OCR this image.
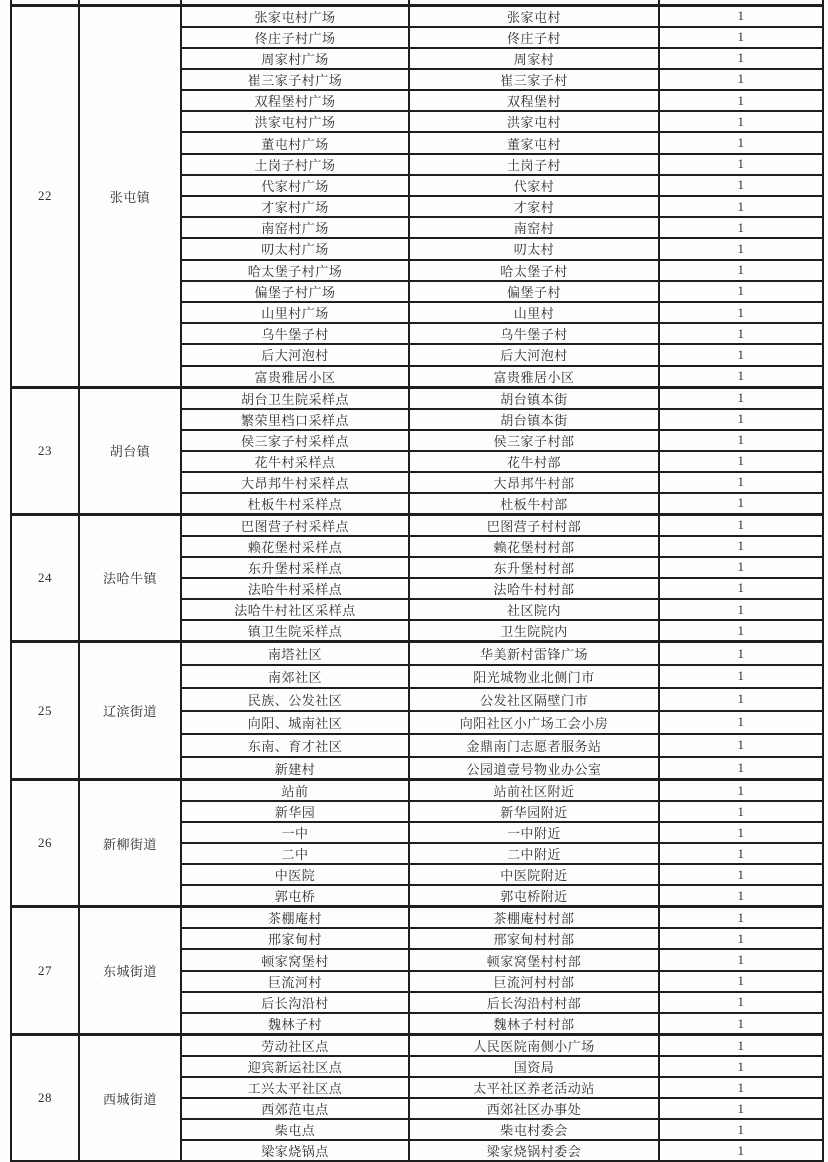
22	张屯镇	张家屯村广场	张家屯村	1
		佟庄子村广场	佟庄子村	1
		周家村广场	周家村	1
		崔三家子村广场	崔三家子村	1
		双程堡村广场	双程堡村	1
		洪家屯村广场	洪家屯村	1
		董屯村广场	董家屯村	1
		土岗子村广场	土岗子村	1
		代家村广场	代家村	1
		才家村广场	才家村	1
		南窑村广场	南窑村	1
		叨太村广场	叨太村	1
		哈太堡子村广场	哈太堡子村	1
		偏堡子村广场	偏堡子村	1
		山里村广场	山里村	1
		乌牛堡子村	乌牛堡子村	1
		后大河泡村	后大河泡村	1
		富贵雅居小区	富贵雅居小区	1
23	胡台镇	胡台卫生院采样点	胡台镇本街	1
		繁荣里档口采样点	胡台镇本街	1
		侯三家子村采样点	侯三家子村部	1
		花牛村采样点	花牛村部	1
		大昂邦牛村采样点	大昂邦牛村部	1
		杜板牛村采样点	杜板牛村部	1
24	法哈牛镇	巴图营子村采样点	巴图营子村村部	1
		赖花堡村采样点	赖花堡村村部	1
		东升堡村采样点	东升堡村村部	1
		法哈牛村采样点	法哈牛村村部	1
		法哈牛村社区采样点	社区院内	1
		镇卫生院采样点	卫生院院内	1
25	辽滨街道	南塔社区	华美新村雷锋广场	1
		南郊社区	阳光城物业北侧门市	1
		民族、公发社区	公发社区隔壁门市	1
		向阳、城南社区	向阳社区小广场工会小房	1
		东南、育才社区	金鼎南门志愿者服务站	1
		新建村	公园道壹号物业办公室	1
26	新柳街道	站前	站前社区附近	1
		新华园	新华园附近	1
		一中	一中附近	1
		二中	二中附近	1
		中医院	中医院附近	1
		郭屯桥	郭屯桥附近	1
27	东城街道	茶棚庵村	茶棚庵村村部	1
		邢家甸村	邢家甸村村部	1
		顿家窝堡村	顿家窝堡村村部	1
		巨流河村	巨流河村村部	1
		后长沟沿村	后长沟沿村村部	1
		魏林子村	魏林子村村部	1
28	西城街道	劳动社区点	人民医院南侧小广场	1
		迎宾新运社区点	国资局	1
		工兴太平社区点	太平社区养老活动站	1
		西郊范屯点	西郊社区办事处	1
		柴屯点	柴屯村委会	1
		梁家烧锅点	梁家烧锅村委会	1
